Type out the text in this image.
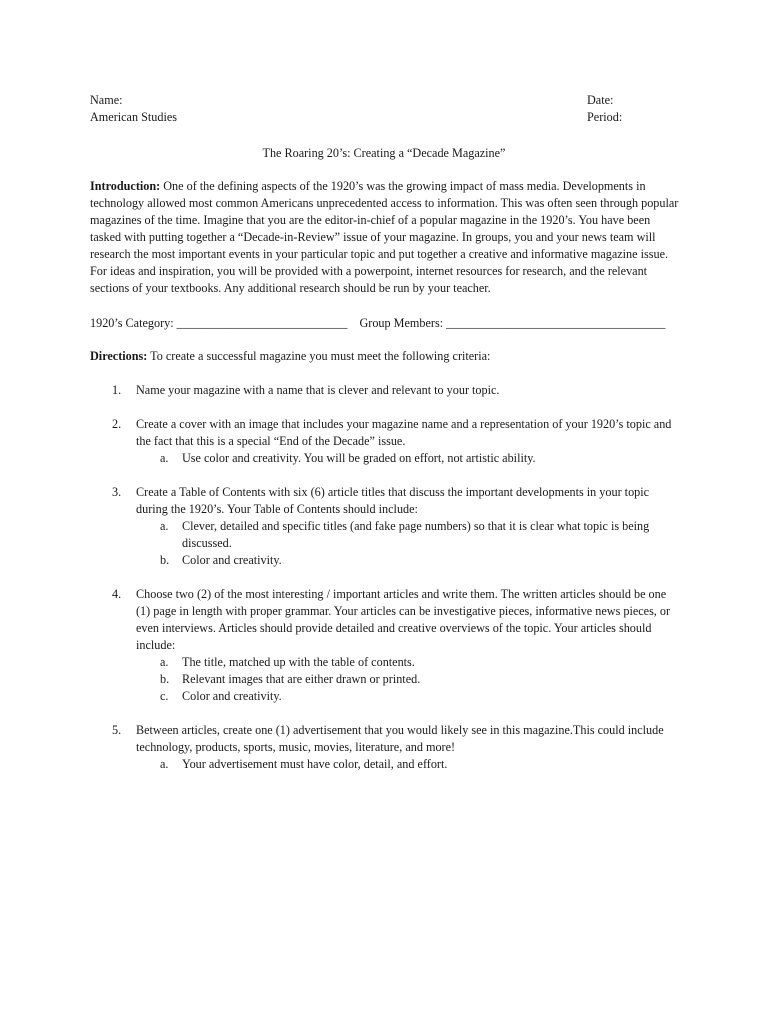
Name:
American Studies
Date:
Period:
The Roaring 20’s: Creating a “Decade Magazine”

Introduction: One of the defining aspects of the 1920’s was the growing impact of mass media. Developments in technology allowed most common Americans unprecedented access to information. This was often seen through popular magazines of the time. Imagine that you are the editor-in-chief of a popular magazine in the 1920’s. You have been tasked with putting together a “Decade-in-Review” issue of your magazine. In groups, you and your news team will research the most important events in your particular topic and put together a creative and informative magazine issue. For ideas and inspiration, you will be provided with a powerpoint, internet resources for research, and the relevant sections of your textbooks. Any additional research should be run by your teacher.

1920’s Category: ____________________________    Group Members: ____________________________________
Directions: To create a successful magazine you must meet the following criteria:
1.	Name your magazine with a name that is clever and relevant to your topic.
2.	Create a cover with an image that includes your magazine name and a representation of your 1920’s topic and the fact that this is a special “End of the Decade” issue.
a.	Use color and creativity. You will be graded on effort, not artistic ability.
3.	Create a Table of Contents with six (6) article titles that discuss the important developments in your topic during the 1920’s. Your Table of Contents should include:
a.	Clever, detailed and specific titles (and fake page numbers) so that it is clear what topic is being discussed.
b.	Color and creativity.
4.	Choose two (2) of the most interesting / important articles and write them. The written articles should be one (1) page in length with proper grammar. Your articles can be investigative pieces, informative news pieces, or even interviews. Articles should provide detailed and creative overviews of the topic. Your articles should include:
a.	The title, matched up with the table of contents.
b.	Relevant images that are either drawn or printed.
c.	Color and creativity.
5.	Between articles, create one (1) advertisement that you would likely see in this magazine.This could include technology, products, sports, music, movies, literature, and more!
a.	Your advertisement must have color, detail, and effort.
